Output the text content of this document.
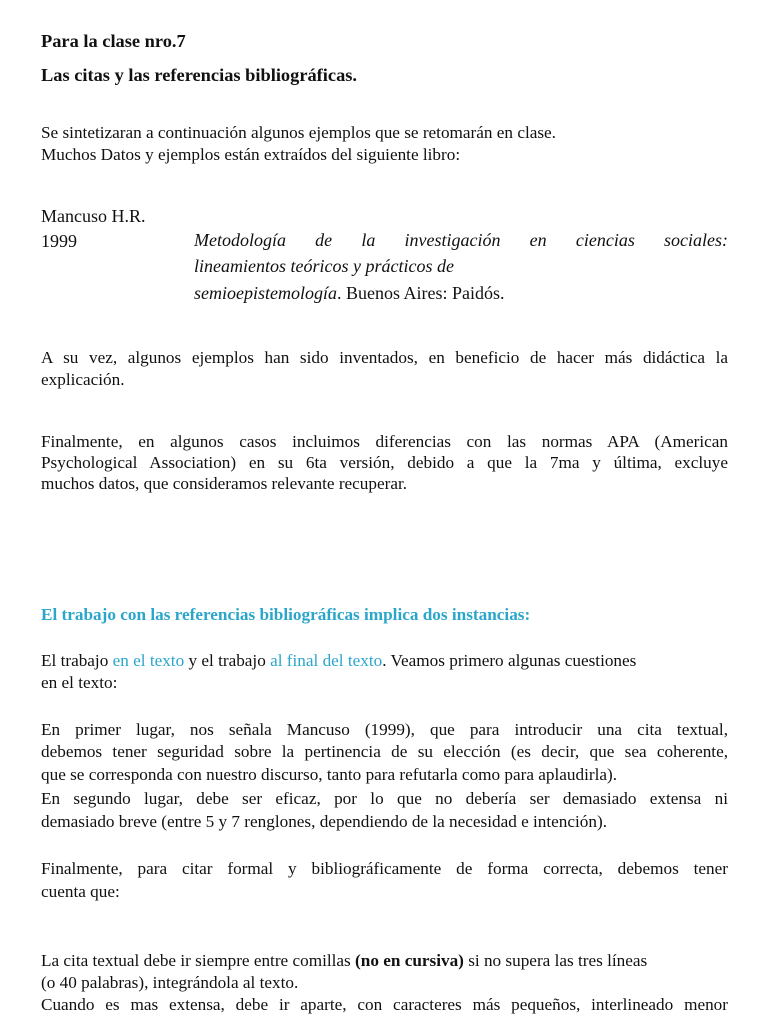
Para la clase nro.7
Las citas y las referencias bibliográficas.
Se sintetizaran a continuación algunos ejemplos que se retomarán en clase.
Muchos Datos y ejemplos están extraídos del siguiente libro:
Mancuso H.R.
1999	Metodología de la investigación en ciencias sociales:
lineamientos teóricos y prácticos de
semioepistemología. Buenos Aires: Paidós.
A su vez, algunos ejemplos han sido inventados, en beneficio de hacer más didáctica la
explicación.
Finalmente, en algunos casos incluimos diferencias con las normas APA (American
Psychological Association) en su 6ta versión, debido a que la 7ma y última, excluye
muchos datos, que consideramos relevante recuperar.
El trabajo con las referencias bibliográficas implica dos instancias:
El trabajo en el texto y el trabajo al final del texto. Veamos primero algunas cuestiones
en el texto:
En primer lugar, nos señala Mancuso (1999), que para introducir una cita textual,
debemos tener seguridad sobre la pertinencia de su elección (es decir, que sea coherente,
que se corresponda con nuestro discurso, tanto para refutarla como para aplaudirla).
En segundo lugar, debe ser eficaz, por lo que no debería ser demasiado extensa ni
demasiado breve (entre 5 y 7 renglones, dependiendo de la necesidad e intención).
Finalmente, para citar formal y bibliográficamente de forma correcta, debemos tener
cuenta que:
La cita textual debe ir siempre entre comillas (no en cursiva) si no supera las tres líneas
(o 40 palabras), integrándola al texto.
Cuando es mas extensa, debe ir aparte, con caracteres más pequeños, interlineado menor
